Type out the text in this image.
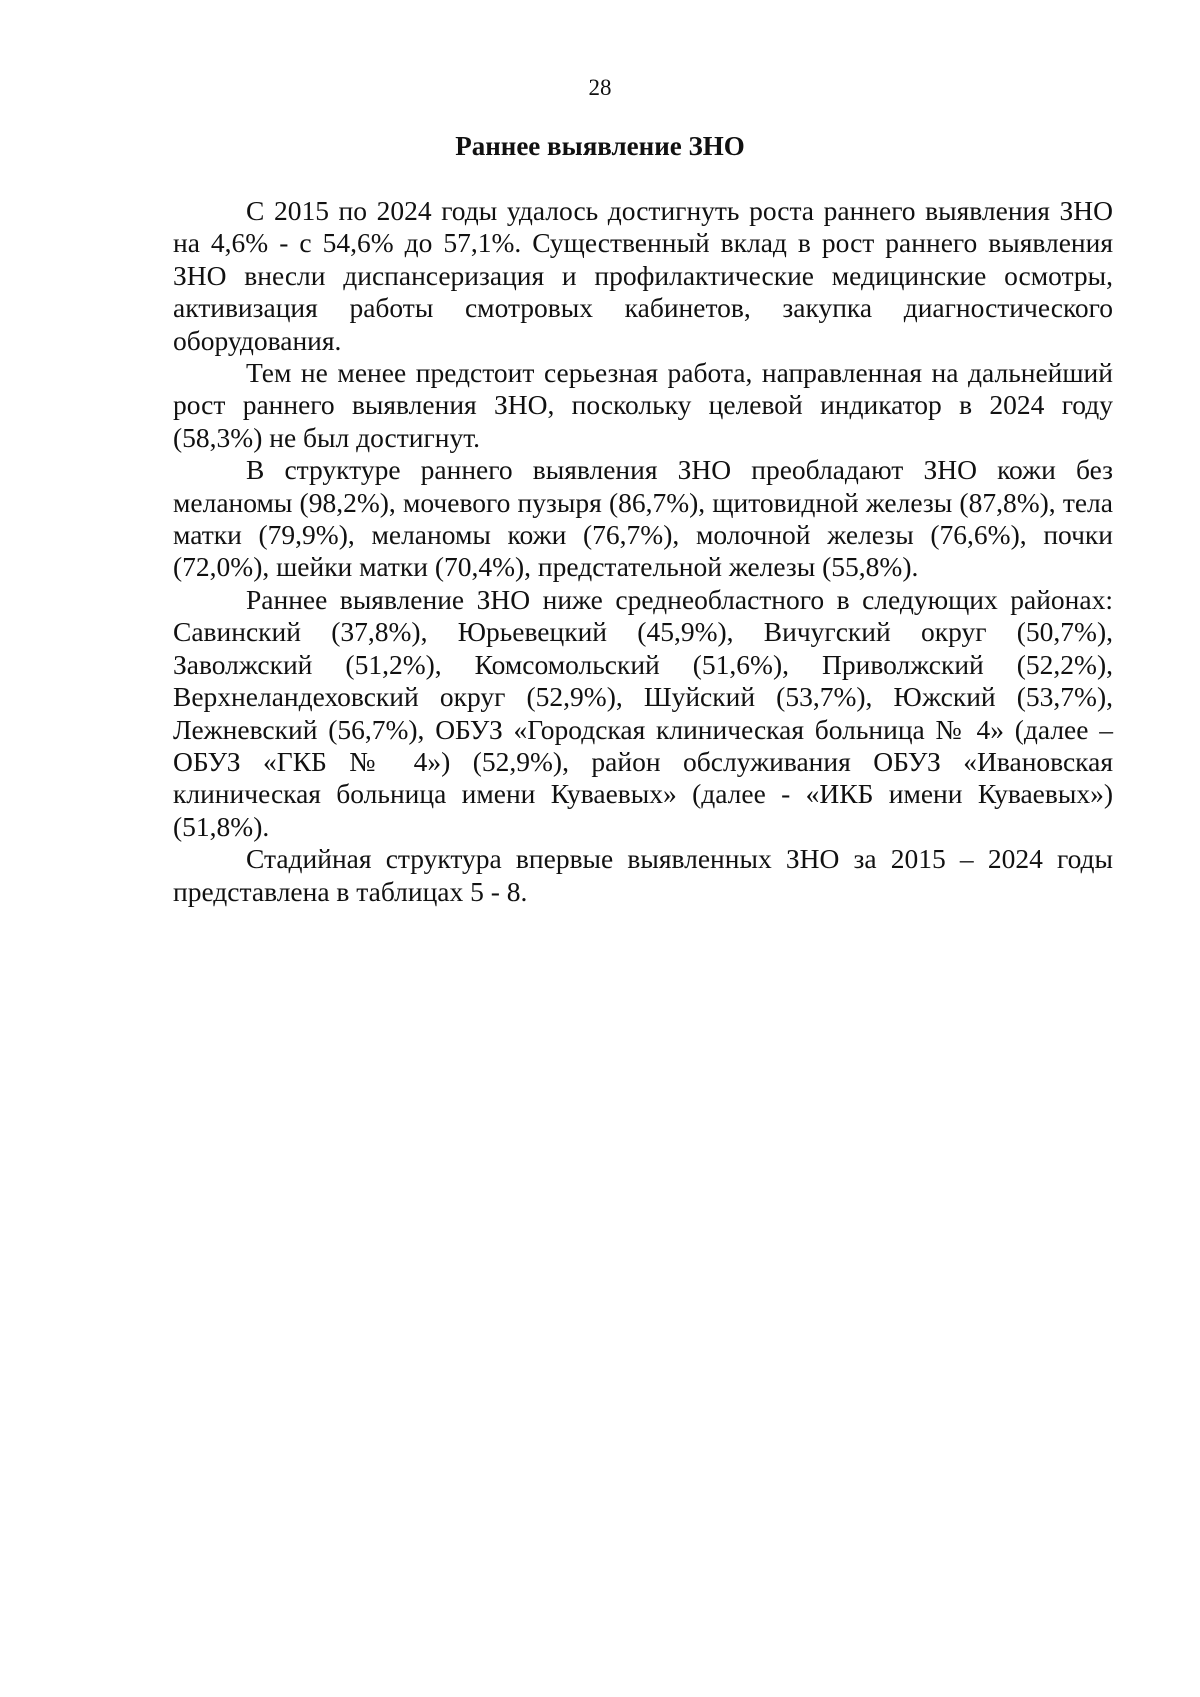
28
Раннее выявление ЗНО

С 2015 по 2024 годы удалось достигнуть роста раннего выявления ЗНО на 4,6% - с 54,6% до 57,1%. Существенный вклад в рост раннего выявления ЗНО внесли диспансеризация и профилактические медицинские осмотры, активизация работы смотровых кабинетов, закупка диагностического оборудования.

Тем не менее предстоит серьезная работа, направленная на дальнейший рост раннего выявления ЗНО, поскольку целевой индикатор в 2024 году (58,3%) не был достигнут.

В структуре раннего выявления ЗНО преобладают ЗНО кожи без меланомы (98,2%), мочевого пузыря (86,7%), щитовидной железы (87,8%), тела матки (79,9%), меланомы кожи (76,7%), молочной железы (76,6%), почки (72,0%), шейки матки (70,4%), предстательной железы (55,8%).

Раннее выявление ЗНО ниже среднеобластного в следующих районах: Савинский (37,8%), Юрьевецкий (45,9%), Вичугский округ (50,7%), Заволжский (51,2%), Комсомольский (51,6%), Приволжский (52,2%), Верхнеландеховский округ (52,9%), Шуйский (53,7%), Южский (53,7%), Лежневский (56,7%), ОБУЗ «Городская клиническая больница № 4» (далее – ОБУЗ «ГКБ № 4») (52,9%), район обслуживания ОБУЗ «Ивановская клиническая больница имени Куваевых» (далее - «ИКБ имени Куваевых») (51,8%).

Стадийная структура впервые выявленных ЗНО за 2015 – 2024 годы представлена в таблицах 5 - 8.
